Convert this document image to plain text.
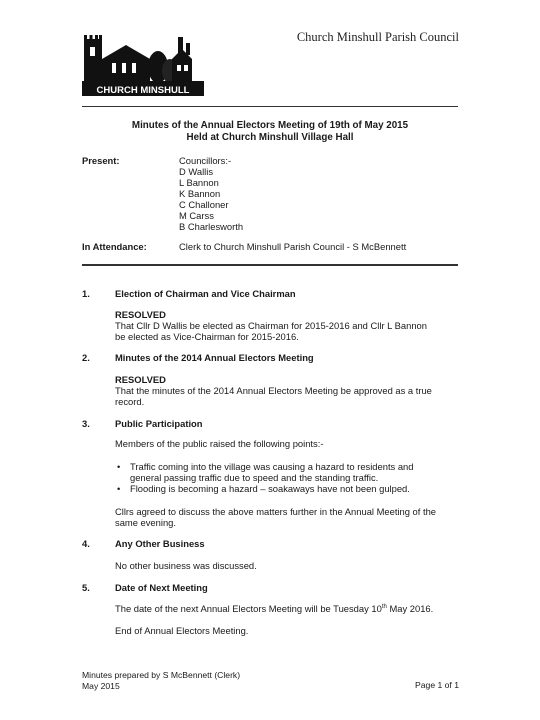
CHURCH MINSHULL
Church Minshull Parish Council
Minutes of the Annual Electors Meeting of 19th of May 2015
Held at Church Minshull Village Hall
Present:	Councillors:-
D Wallis
L Bannon
K Bannon
C Challoner
M Carss
B Charlesworth
In Attendance:	Clerk to Church Minshull Parish Council - S McBennett
1.	Election of Chairman and Vice Chairman
RESOLVED
That Cllr D Wallis be elected as Chairman for 2015-2016 and Cllr L Bannon
be elected as Vice-Chairman for 2015-2016.
2.	Minutes of the 2014 Annual Electors Meeting
RESOLVED
That the minutes of the 2014 Annual Electors Meeting be approved as a true
record.
3.	Public Participation
Members of the public raised the following points:-
• Traffic coming into the village was causing a hazard to residents and
general passing traffic due to speed and the standing traffic.
• Flooding is becoming a hazard – soakaways have not been gulped.
Cllrs agreed to discuss the above matters further in the Annual Meeting of the
same evening.
4.	Any Other Business
No other business was discussed.
5.	Date of Next Meeting
The date of the next Annual Electors Meeting will be Tuesday 10th May 2016.
End of Annual Electors Meeting.
Minutes prepared by S McBennett (Clerk)
May 2015	Page 1 of 1
